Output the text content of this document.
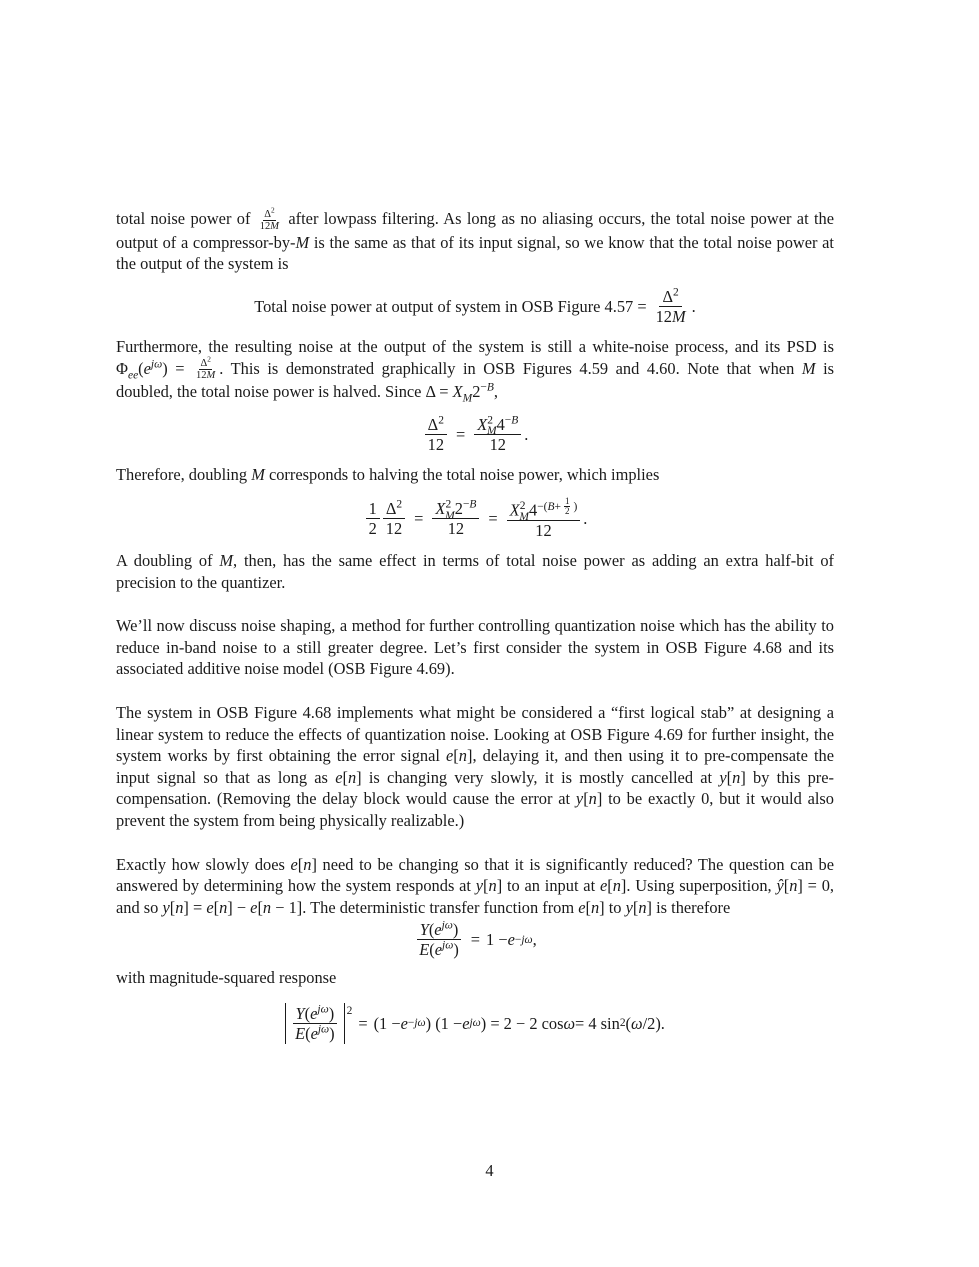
total noise power of $\frac{\Delta^2}{12M}$ after lowpass filtering. As long as no aliasing occurs, the total noise power at the output of a compressor-by-M is the same as that of its input signal, so we know that the total noise power at the output of the system is

Total noise power at output of system in OSB Figure $4.57 = \frac{\Delta^2}{12M}$ .

Furthermore, the resulting noise at the output of the system is still a white-noise process, and its PSD is $\Phi_{ee}(e^{j\omega}) = \frac{\Delta^2}{12M}$ . This is demonstrated graphically in OSB Figures 4.59 and 4.60. Note that when M is doubled, the total noise power is halved. Since $\Delta = X_M2^{-B}$,

$\frac{\Delta^2}{12} = \frac{X^2_M4^{-B}}{12}$ .

Therefore, doubling M corresponds to halving the total noise power, which implies

$\frac{1}{2} \frac{\Delta^2}{12} = \frac{X^2_M2^{-B}}{12} = X^2_M4^{-(B+ \frac{1}{2} )}$
12 .

A doubling of M, then, has the same effect in terms of total noise power as adding an extra half-bit of precision to the quantizer.

We’ll now discuss noise shaping, a method for further controlling quantization noise which has the ability to reduce in-band noise to a still greater degree. Let’s first consider the system in OSB Figure 4.68 and its associated additive noise model (OSB Figure 4.69).

The system in OSB Figure 4.68 implements what might be considered a “first logical stab” at designing a linear system to reduce the effects of quantization noise. Looking at OSB Figure 4.69 for further insight, the system works by first obtaining the error signal e[n], delaying it, and then using it to pre-compensate the input signal so that as long as e[n] is changing very slowly, it is mostly cancelled at y[n] by this pre-compensation. (Removing the delay block would cause the error at y[n] to be exactly 0, but it would also prevent the system from being physically realizable.)

Exactly how slowly does e[n] need to be changing so that it is significantly reduced? The question can be answered by determining how the system responds at y[n] to an input at e[n]. Using superposition, ŷ[n] = 0, and so y[n] = e[n] − e[n − 1]. The deterministic transfer function from e[n] to y[n] is therefore

$\frac{Y(e^{j\omega})}{E(e^{j\omega})} = 1 - e -j\omega$ ,

with magnitude-squared response

$\frac{Y(e^{j\omega})}{E(e^{j\omega})} ^2$
= (1 − e −jω ) (1 − e jω ) = 2 − 2 cos ω = 4 sin 2 ( ω /2).
4
